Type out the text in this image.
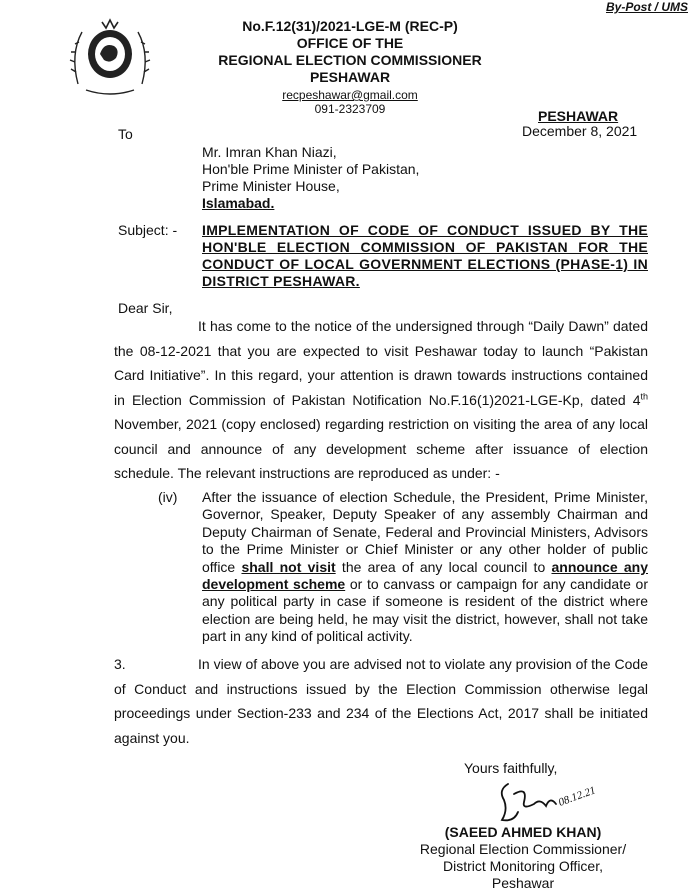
By-Post / UMS
No.F.12(31)/2021-LGE-M (REC-P)
OFFICE OF THE
REGIONAL ELECTION COMMISSIONER
PESHAWAR
recpeshawar@gmail.com
091-2323709	PESHAWAR
December 8, 2021
To
Mr. Imran Khan Niazi,
Hon'ble Prime Minister of Pakistan,
Prime Minister House,
Islamabad.
Subject: - IMPLEMENTATION OF CODE OF CONDUCT ISSUED BY THE HON'BLE ELECTION COMMISSION OF PAKISTAN FOR THE CONDUCT OF LOCAL GOVERNMENT ELECTIONS (PHASE-1) IN DISTRICT PESHAWAR.
Dear Sir,
It has come to the notice of the undersigned through “Daily Dawn” dated the 08-12-2021 that you are expected to visit Peshawar today to launch “Pakistan Card Initiative”. In this regard, your attention is drawn towards instructions contained in Election Commission of Pakistan Notification No.F.16(1)2021-LGE-Kp, dated 4th November, 2021 (copy enclosed) regarding restriction on visiting the area of any local council and announce of any development scheme after issuance of election schedule. The relevant instructions are reproduced as under: -
(iv) After the issuance of election Schedule, the President, Prime Minister, Governor, Speaker, Deputy Speaker of any assembly Chairman and Deputy Chairman of Senate, Federal and Provincial Ministers, Advisors to the Prime Minister or Chief Minister or any other holder of public office shall not visit the area of any local council to announce any development scheme or to canvass or campaign for any candidate or any political party in case if someone is resident of the district where election are being held, he may visit the district, however, shall not take part in any kind of political activity.
3.	In view of above you are advised not to violate any provision of the Code of Conduct and instructions issued by the Election Commission otherwise legal proceedings under Section-233 and 234 of the Elections Act, 2017 shall be initiated against you.
Yours faithfully,
08.12.21
(SAEED AHMED KHAN)
Regional Election Commissioner/
District Monitoring Officer,
Peshawar
